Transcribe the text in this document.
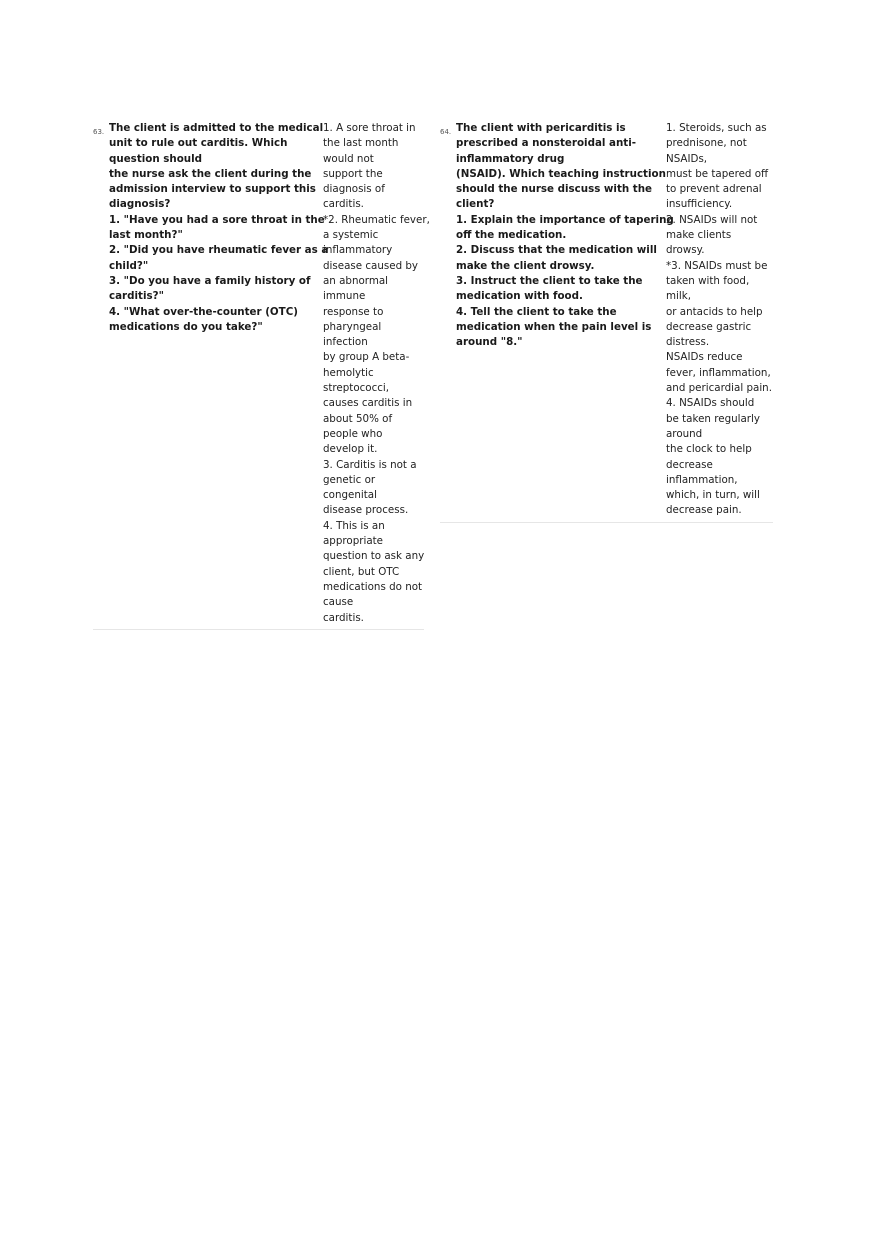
63. The client is admitted to the medical
unit to rule out carditis. Which
question should
the nurse ask the client during the
admission interview to support this
diagnosis?
1. "Have you had a sore throat in the
last month?"
2. "Did you have rheumatic fever as a
child?"
3. "Do you have a family history of
carditis?"
4. "What over-the-counter (OTC)
medications do you take?"
1. A sore throat in
the last month
would not
support the
diagnosis of
carditis.
*2. Rheumatic fever,
a systemic
inflammatory
disease caused by
an abnormal
immune
response to
pharyngeal
infection
by group A beta-
hemolytic
streptococci,
causes carditis in
about 50% of
people who
develop it.
3. Carditis is not a
genetic or
congenital
disease process.
4. This is an
appropriate
question to ask any
client, but OTC
medications do not
cause
carditis.
64. The client with pericarditis is
prescribed a nonsteroidal anti-
inflammatory drug
(NSAID). Which teaching instruction
should the nurse discuss with the
client?
1. Explain the importance of tapering
off the medication.
2. Discuss that the medication will
make the client drowsy.
3. Instruct the client to take the
medication with food.
4. Tell the client to take the
medication when the pain level is
around "8."
1. Steroids, such as
prednisone, not
NSAIDs,
must be tapered off
to prevent adrenal
insufficiency.
2. NSAIDs will not
make clients
drowsy.
*3. NSAIDs must be
taken with food,
milk,
or antacids to help
decrease gastric
distress.
NSAIDs reduce
fever, inflammation,
and pericardial pain.
4. NSAIDs should
be taken regularly
around
the clock to help
decrease
inflammation,
which, in turn, will
decrease pain.
